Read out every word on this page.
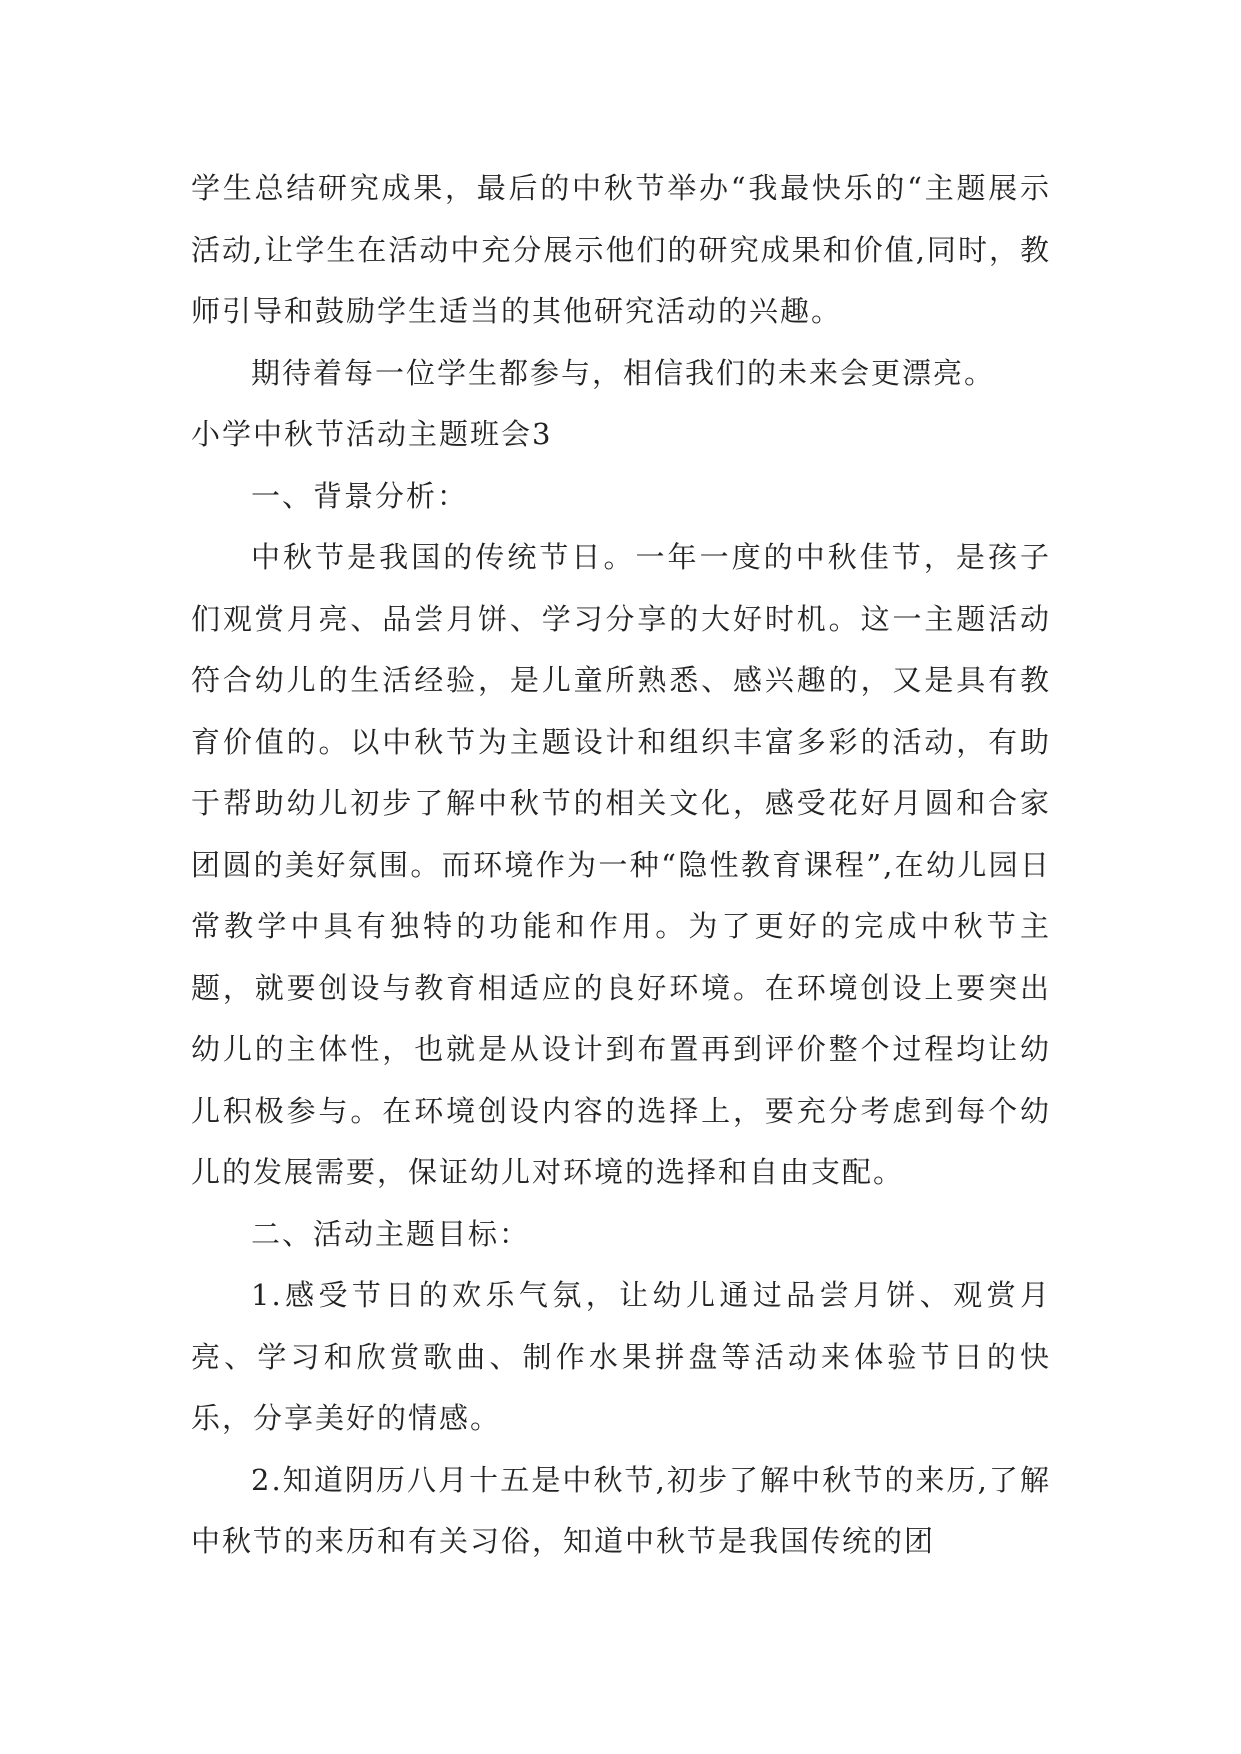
学生总结研究成果，最后的中秋节举办“我最快乐的“主题展示活动,让学生在活动中充分展示他们的研究成果和价值,同时，教师引导和鼓励学生适当的其他研究活动的兴趣。

期待着每一位学生都参与，相信我们的未来会更漂亮。

小学中秋节活动主题班会3

一、背景分析：

中秋节是我国的传统节日。一年一度的中秋佳节，是孩子们观赏月亮、品尝月饼、学习分享的大好时机。这一主题活动符合幼儿的生活经验，是儿童所熟悉、感兴趣的，又是具有教育价值的。以中秋节为主题设计和组织丰富多彩的活动，有助于帮助幼儿初步了解中秋节的相关文化，感受花好月圆和合家团圆的美好氛围。而环境作为一种“隐性教育课程”,在幼儿园日常教学中具有独特的功能和作用。为了更好的完成中秋节主题，就要创设与教育相适应的良好环境。在环境创设上要突出幼儿的主体性，也就是从设计到布置再到评价整个过程均让幼儿积极参与。在环境创设内容的选择上，要充分考虑到每个幼儿的发展需要，保证幼儿对环境的选择和自由支配。

二、活动主题目标：

1.感受节日的欢乐气氛，让幼儿通过品尝月饼、观赏月亮、学习和欣赏歌曲、制作水果拼盘等活动来体验节日的快乐，分享美好的情感。

2.知道阴历八月十五是中秋节,初步了解中秋节的来历,了解中秋节的来历和有关习俗，知道中秋节是我国传统的团
